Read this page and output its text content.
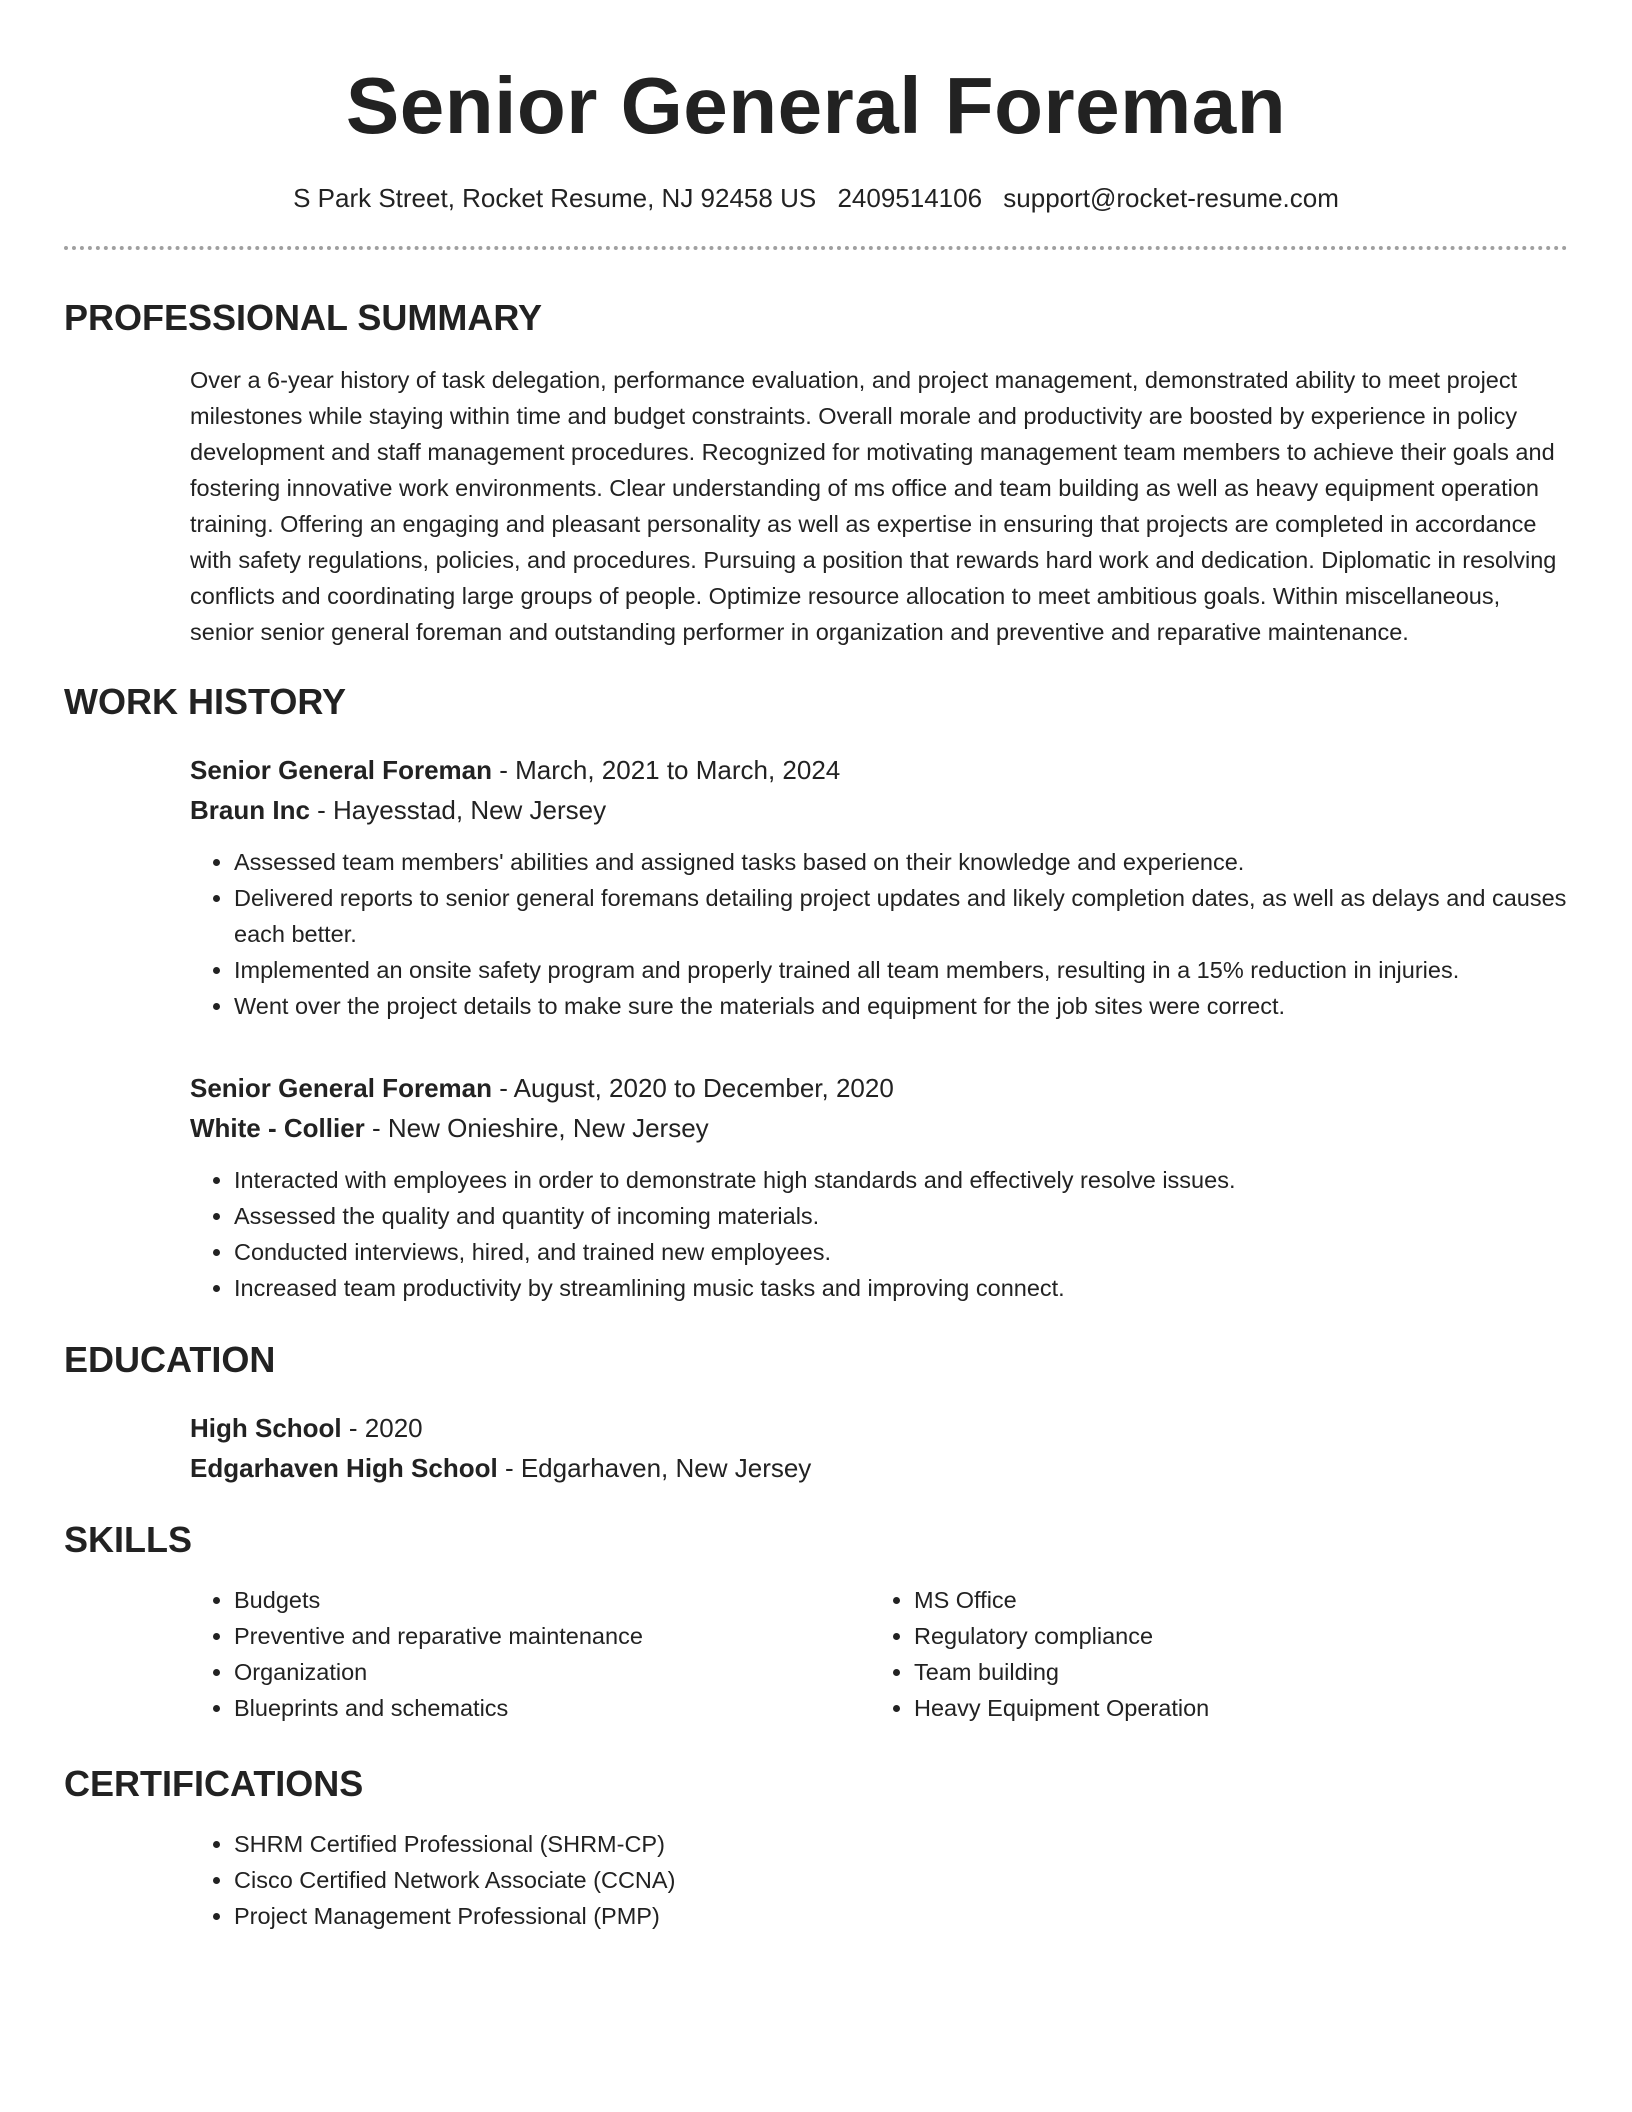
Senior General Foreman
S Park Street, Rocket Resume, NJ 92458 US 2409514106 support@rocket-resume.com
PROFESSIONAL SUMMARY
Over a 6-year history of task delegation, performance evaluation, and project management, demonstrated ability to meet project milestones while staying within time and budget constraints. Overall morale and productivity are boosted by experience in policy development and staff management procedures. Recognized for motivating management team members to achieve their goals and fostering innovative work environments. Clear understanding of ms office and team building as well as heavy equipment operation training. Offering an engaging and pleasant personality as well as expertise in ensuring that projects are completed in accordance with safety regulations, policies, and procedures. Pursuing a position that rewards hard work and dedication. Diplomatic in resolving conflicts and coordinating large groups of people. Optimize resource allocation to meet ambitious goals. Within miscellaneous, senior senior general foreman and outstanding performer in organization and preventive and reparative maintenance.
WORK HISTORY
Senior General Foreman - March, 2021 to March, 2024
Braun Inc - Hayesstad, New Jersey
• Assessed team members' abilities and assigned tasks based on their knowledge and experience.
• Delivered reports to senior general foremans detailing project updates and likely completion dates, as well as delays and causes each better.
• Implemented an onsite safety program and properly trained all team members, resulting in a 15% reduction in injuries.
• Went over the project details to make sure the materials and equipment for the job sites were correct.
Senior General Foreman - August, 2020 to December, 2020
White - Collier - New Onieshire, New Jersey
• Interacted with employees in order to demonstrate high standards and effectively resolve issues.
• Assessed the quality and quantity of incoming materials.
• Conducted interviews, hired, and trained new employees.
• Increased team productivity by streamlining music tasks and improving connect.
EDUCATION
High School - 2020
Edgarhaven High School - Edgarhaven, New Jersey
SKILLS
• Budgets
• Preventive and reparative maintenance
• Organization
• Blueprints and schematics
• MS Office
• Regulatory compliance
• Team building
• Heavy Equipment Operation
CERTIFICATIONS
• SHRM Certified Professional (SHRM-CP)
• Cisco Certified Network Associate (CCNA)
• Project Management Professional (PMP)
